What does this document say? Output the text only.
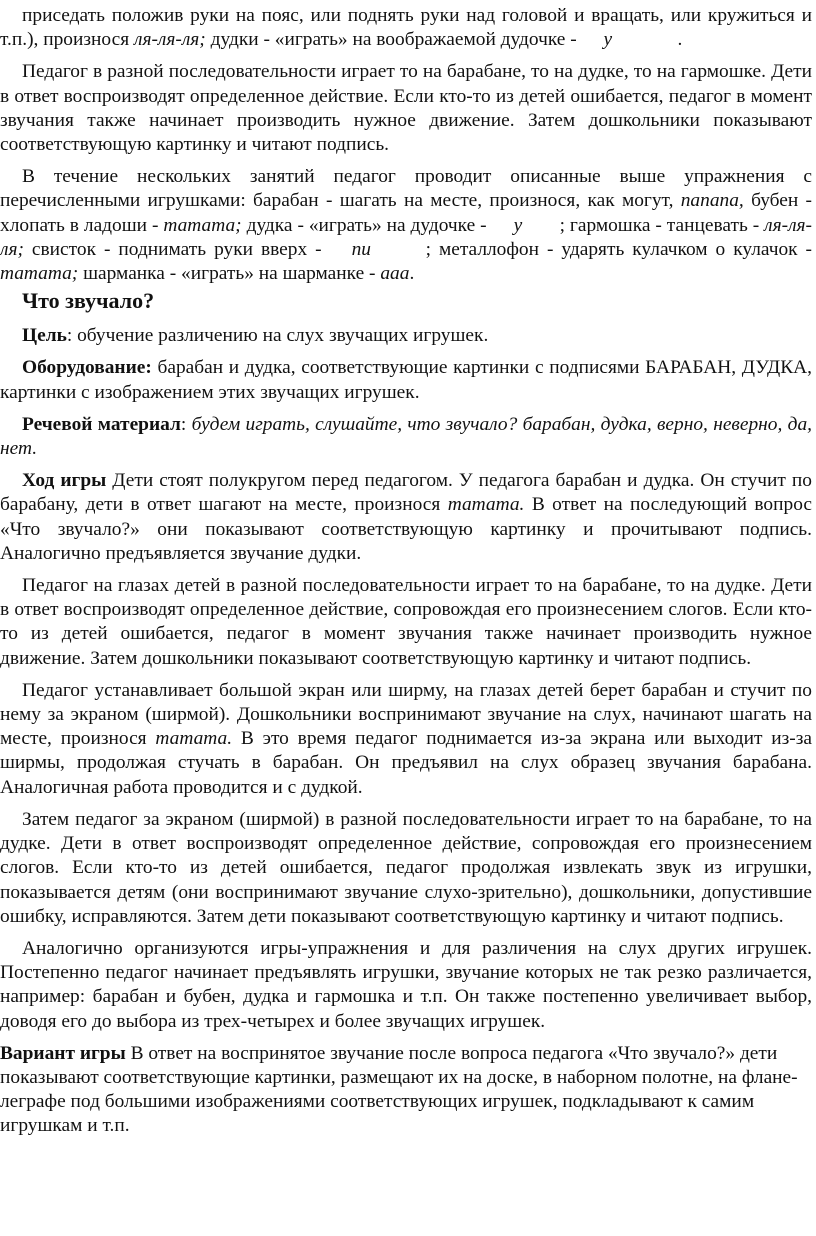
приседать положив руки на пояс, или поднять руки над головой и вращать, или кружиться и т.п.), произнося ля-ля-ля; дудки - «играть» на воображаемой дудочке - у	.

Педагог в разной последовательности играет то на барабане, то на дудке, то на гармошке. Дети в ответ воспроизводят определенное действие. Если кто-то из детей ошибается, педагог в момент звучания также начинает производить нужное движение. Затем дошкольники показывают соответствующую картинку и читают подпись.

В течение нескольких занятий педагог проводит описанные выше упражнения с перечисленными игрушками: барабан - шагать на месте, произнося, как могут, папапа, бубен - хлопать в ладоши - татата; дудка - «играть» на дудочке - у ; гармошка - танцевать - ля-ля-ля; свисток - поднимать руки вверх - пи	; металлофон - ударять кулачком о кулачок - татата; шарманка - «играть» на шарманке - ааа.

Что звучало?

Цель: обучение различению на слух звучащих игрушек.

Оборудование: барабан и дудка, соответствующие картинки с подписями БАРАБАН, ДУДКА, картинки с изображением этих звучащих игрушек.

Речевой материал: будем играть, слушайте, что звучало? барабан, дудка, верно, неверно, да, нет.

Ход игры Дети стоят полукругом перед педагогом. У педагога барабан и дудка. Он стучит по барабану, дети в ответ шагают на месте, произнося татата. В ответ на последующий вопрос «Что звучало?» они показывают соответствующую картинку и прочитывают подпись. Аналогично предъявляется звучание дудки.

Педагог на глазах детей в разной последовательности играет то на барабане, то на дудке. Дети в ответ воспроизводят определенное действие, сопровождая его произнесением слогов. Если кто-то из детей ошибается, педагог в момент звучания также начинает производить нужное движение. Затем дошкольники показывают соответствующую картинку и читают подпись.

Педагог устанавливает большой экран или ширму, на глазах детей берет барабан и стучит по нему за экраном (ширмой). Дошкольники воспринимают звучание на слух, начинают шагать на месте, произнося татата. В это время педагог поднимается из-за экрана или выходит из-за ширмы, продолжая стучать в барабан. Он предъявил на слух образец звучания барабана. Аналогичная работа проводится и с дудкой.

Затем педагог за экраном (ширмой) в разной последовательности играет то на барабане, то на дудке. Дети в ответ воспроизводят определенное действие, сопровождая его произнесением слогов. Если кто-то из детей ошибается, педагог продолжая извлекать звук из игрушки, показывается детям (они воспринимают звучание слухо-зрительно), дошкольники, допустившие ошибку, исправляются. Затем дети показывают соответствующую картинку и читают подпись.

Аналогично организуются игры-упражнения и для различения на слух других игрушек. Постепенно педагог начинает предъявлять игрушки, звучание которых не так резко различается, например: барабан и бубен, дудка и гармошка и т.п. Он также постепенно увеличивает выбор, доводя его до выбора из трех-четырех и более звучащих игрушек.

Вариант игры В ответ на воспринятое звучание после вопроса педагога «Что звучало?» дети показывают соответствующие картинки, размещают их на доске, в наборном полотне, на флане-леграфе под большими изображениями соответствующих игрушек, подкладывают к самим игрушкам и т.п.
